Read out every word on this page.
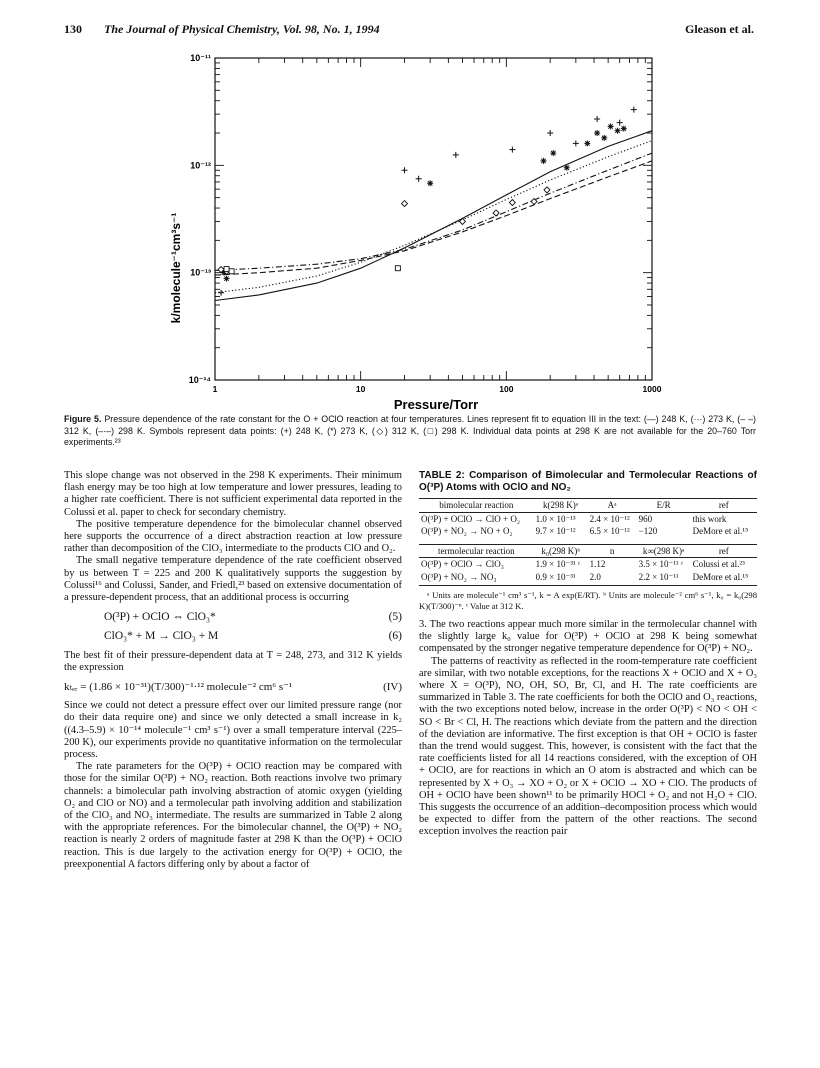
130 The Journal of Physical Chemistry, Vol. 98, No. 1, 1994	Gleason et al.
1	10	100	1000
10⁻¹¹
10⁻¹²
10⁻¹³
10⁻¹⁴
k/molecule⁻¹cm³s⁻¹
Pressure/Torr
Figure 5. Pressure dependence of the rate constant for the O + OClO reaction at four temperatures. Lines represent fit to equation III in the text: (—) 248 K, (···) 273 K, (– –) 312 K, (–·–) 298 K. Symbols represent data points: (+) 248 K, (*) 273 K, (◇) 312 K, (□) 298 K. Individual data points at 298 K are not available for the 20–760 Torr experiments.²³

This slope change was not observed in the 298 K experiments. Their minimum flash energy may be too high at low temperature and lower pressures, leading to a higher rate coefficient. There is not sufficient experimental data reported in the Colussi et al. paper to check for secondary chemistry.

The positive temperature dependence for the bimolecular channel observed here supports the occurrence of a direct abstraction reaction at low pressure rather than decomposition of the ClO₃ intermediate to the products ClO and O₂.

The small negative temperature dependence of the rate coefficient observed by us between T = 225 and 200 K qualitatively supports the suggestion by Colussi¹⁶ and Colussi, Sander, and Friedl,²³ based on extensive documentation of a pressure-dependent process, that an additional process is occurring

O(³P) + OClO ⇔ ClO₃*	(5)
ClO₃* + M → ClO₃ + M	(6)

The best fit of their pressure-dependent data at T = 248, 273, and 312 K yields the expression

kₜₑᵣ = (1.86 × 10⁻³¹)(T/300)⁻¹·¹² molecule⁻² cm⁶ s⁻¹	(IV)

Since we could not detect a pressure effect over our limited pressure range (nor do their data require one) and since we only detected a small increase in k₂ ((4.3–5.9) × 10⁻¹⁴ molecule⁻¹ cm³ s⁻¹) over a small temperature interval (225–200 K), our experiments provide no quantitative information on the termolecular process.

The rate parameters for the O(³P) + OClO reaction may be compared with those for the similar O(³P) + NO₂ reaction. Both reactions involve two primary channels: a bimolecular path involving abstraction of atomic oxygen (yielding O₂ and ClO or NO) and a termolecular path involving addition and stabilization of the ClO₃ and NO₃ intermediate. The results are summarized in Table 2 along with the appropriate references. For the bimolecular channel, the O(³P) + NO₂ reaction is nearly 2 orders of magnitude faster at 298 K than the O(³P) + OClO reaction. This is due largely to the activation energy for O(³P) + OClO, the preexponential A factors differing only by about a factor of

TABLE 2: Comparison of Bimolecular and Termolecular Reactions of O(³P) Atoms with OClO and NO₂
bimolecular reaction	k(298 K)ᵃ	Aᵃ	E/R	ref
O(³P) + OClO → ClO + O₂	1.0 × 10⁻¹³	2.4 × 10⁻¹²	960	this work
O(³P) + NO₂ → NO + O₂	9.7 × 10⁻¹²	6.5 × 10⁻¹²	−120	DeMore et al.¹⁵

termolecular reaction	k₀(298 K)ᵇ	n	k∞(298 K)ᵃ	ref
O(³P) + OClO → ClO₃	1.9 × 10⁻³¹ ᶜ	1.12	3.5 × 10⁻¹¹ ᶜ	Colussi et al.²³
O(³P) + NO₂ → NO₃	0.9 × 10⁻³¹	2.0	2.2 × 10⁻¹¹	DeMore et al.¹⁵

ᵃ Units are molecule⁻¹ cm³ s⁻¹, k = A exp(E/RT). ᵇ Units are molecule⁻² cm⁶ s⁻¹, k₀ = k₀(298 K)(T/300)⁻ⁿ. ᶜ Value at 312 K.

3. The two reactions appear much more similar in the termolecular channel with the slightly large k₀ value for O(³P) + OClO at 298 K being somewhat compensated by the stronger negative temperature dependence for O(³P) + NO₂.

The patterns of reactivity as reflected in the room-temperature rate coefficient are similar, with two notable exceptions, for the reactions X + OClO and X + O₃ where X = O(³P), NO, OH, SO, Br, Cl, and H. The rate coefficients are summarized in Table 3. The rate coefficients for both the OClO and O₃ reactions, with the two exceptions noted below, increase in the order O(³P) < NO < OH < SO < Br < Cl, H. The reactions which deviate from the pattern and the direction of the deviation are informative. The first exception is that OH + OClO is faster than the trend would suggest. This, however, is consistent with the fact that the rate coefficients listed for all 14 reactions considered, with the exception of OH + OClO, are for reactions in which an O atom is abstracted and which can be represented by X + O₃ → XO + O₂ or X + OClO → XO + ClO. The products of OH + OClO have been shown¹¹ to be primarily HOCl + O₂ and not H₂O + ClO. This suggests the occurrence of an addition–decomposition process which would be expected to differ from the pattern of the other reactions. The second exception involves the reaction pair
